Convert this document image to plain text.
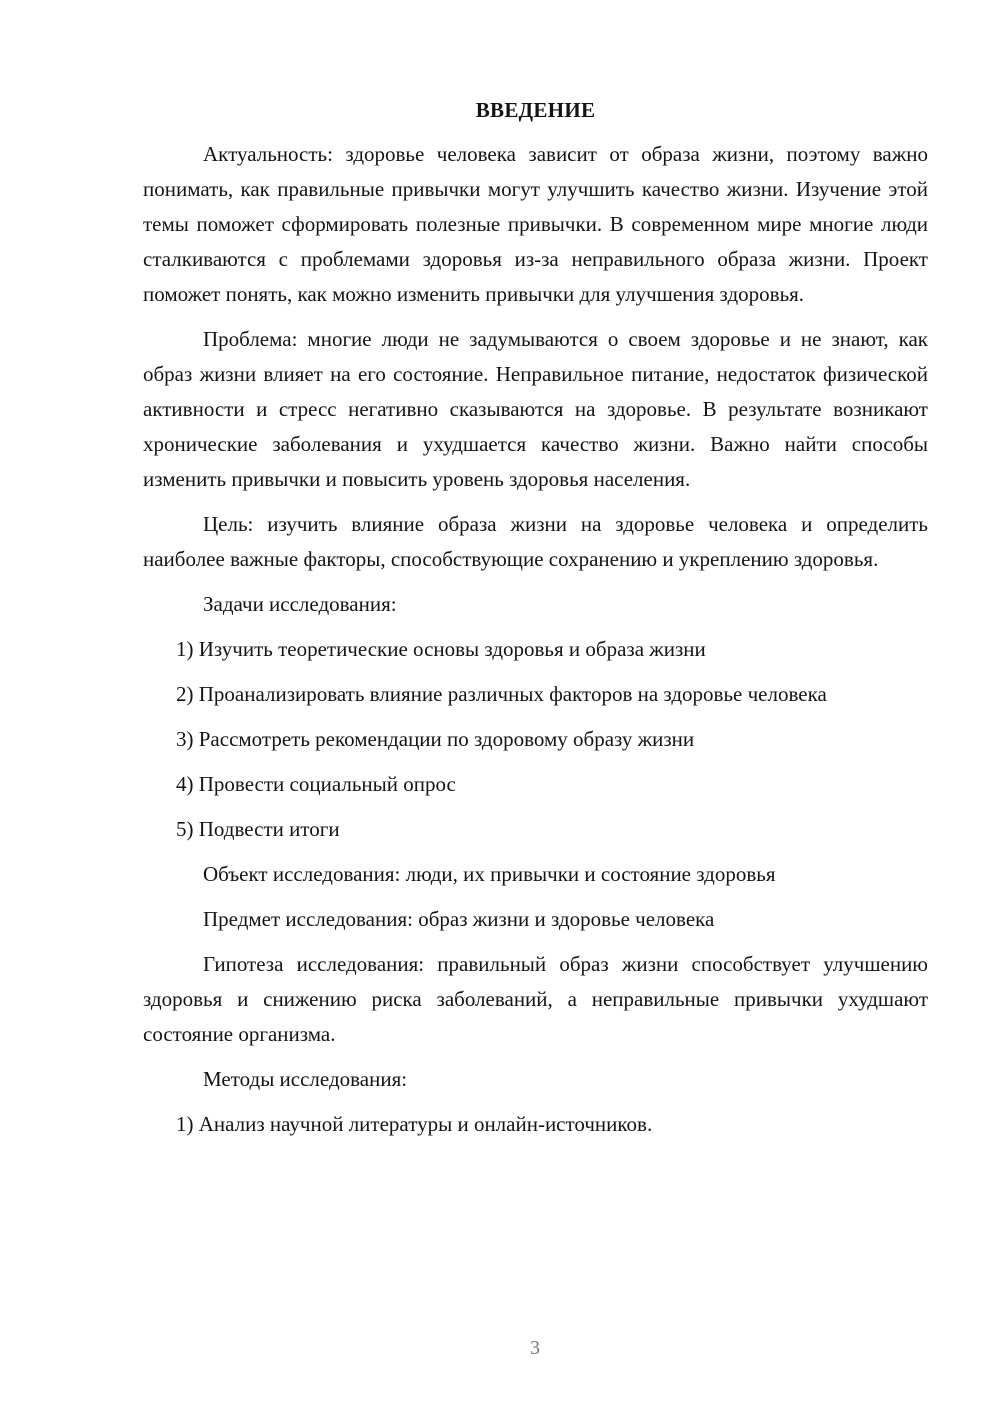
ВВЕДЕНИЕ

Актуальность: здоровье человека зависит от образа жизни, поэтому важно понимать, как правильные привычки могут улучшить качество жизни. Изучение этой темы поможет сформировать полезные привычки. В современном мире многие люди сталкиваются с проблемами здоровья из-за неправильного образа жизни. Проект поможет понять, как можно изменить привычки для улучшения здоровья.

Проблема: многие люди не задумываются о своем здоровье и не знают, как образ жизни влияет на его состояние. Неправильное питание, недостаток физической активности и стресс негативно сказываются на здоровье. В результате возникают хронические заболевания и ухудшается качество жизни. Важно найти способы изменить привычки и повысить уровень здоровья населения.

Цель: изучить влияние образа жизни на здоровье человека и определить наиболее важные факторы, способствующие сохранению и укреплению здоровья.

Задачи исследования:

1) Изучить теоретические основы здоровья и образа жизни

2) Проанализировать влияние различных факторов на здоровье человека

3) Рассмотреть рекомендации по здоровому образу жизни

4) Провести социальный опрос

5) Подвести итоги

Объект исследования: люди, их привычки и состояние здоровья

Предмет исследования: образ жизни и здоровье человека

Гипотеза исследования: правильный образ жизни способствует улучшению здоровья и снижению риска заболеваний, а неправильные привычки ухудшают состояние организма.

Методы исследования:

1) Анализ научной литературы и онлайн-источников.

3
